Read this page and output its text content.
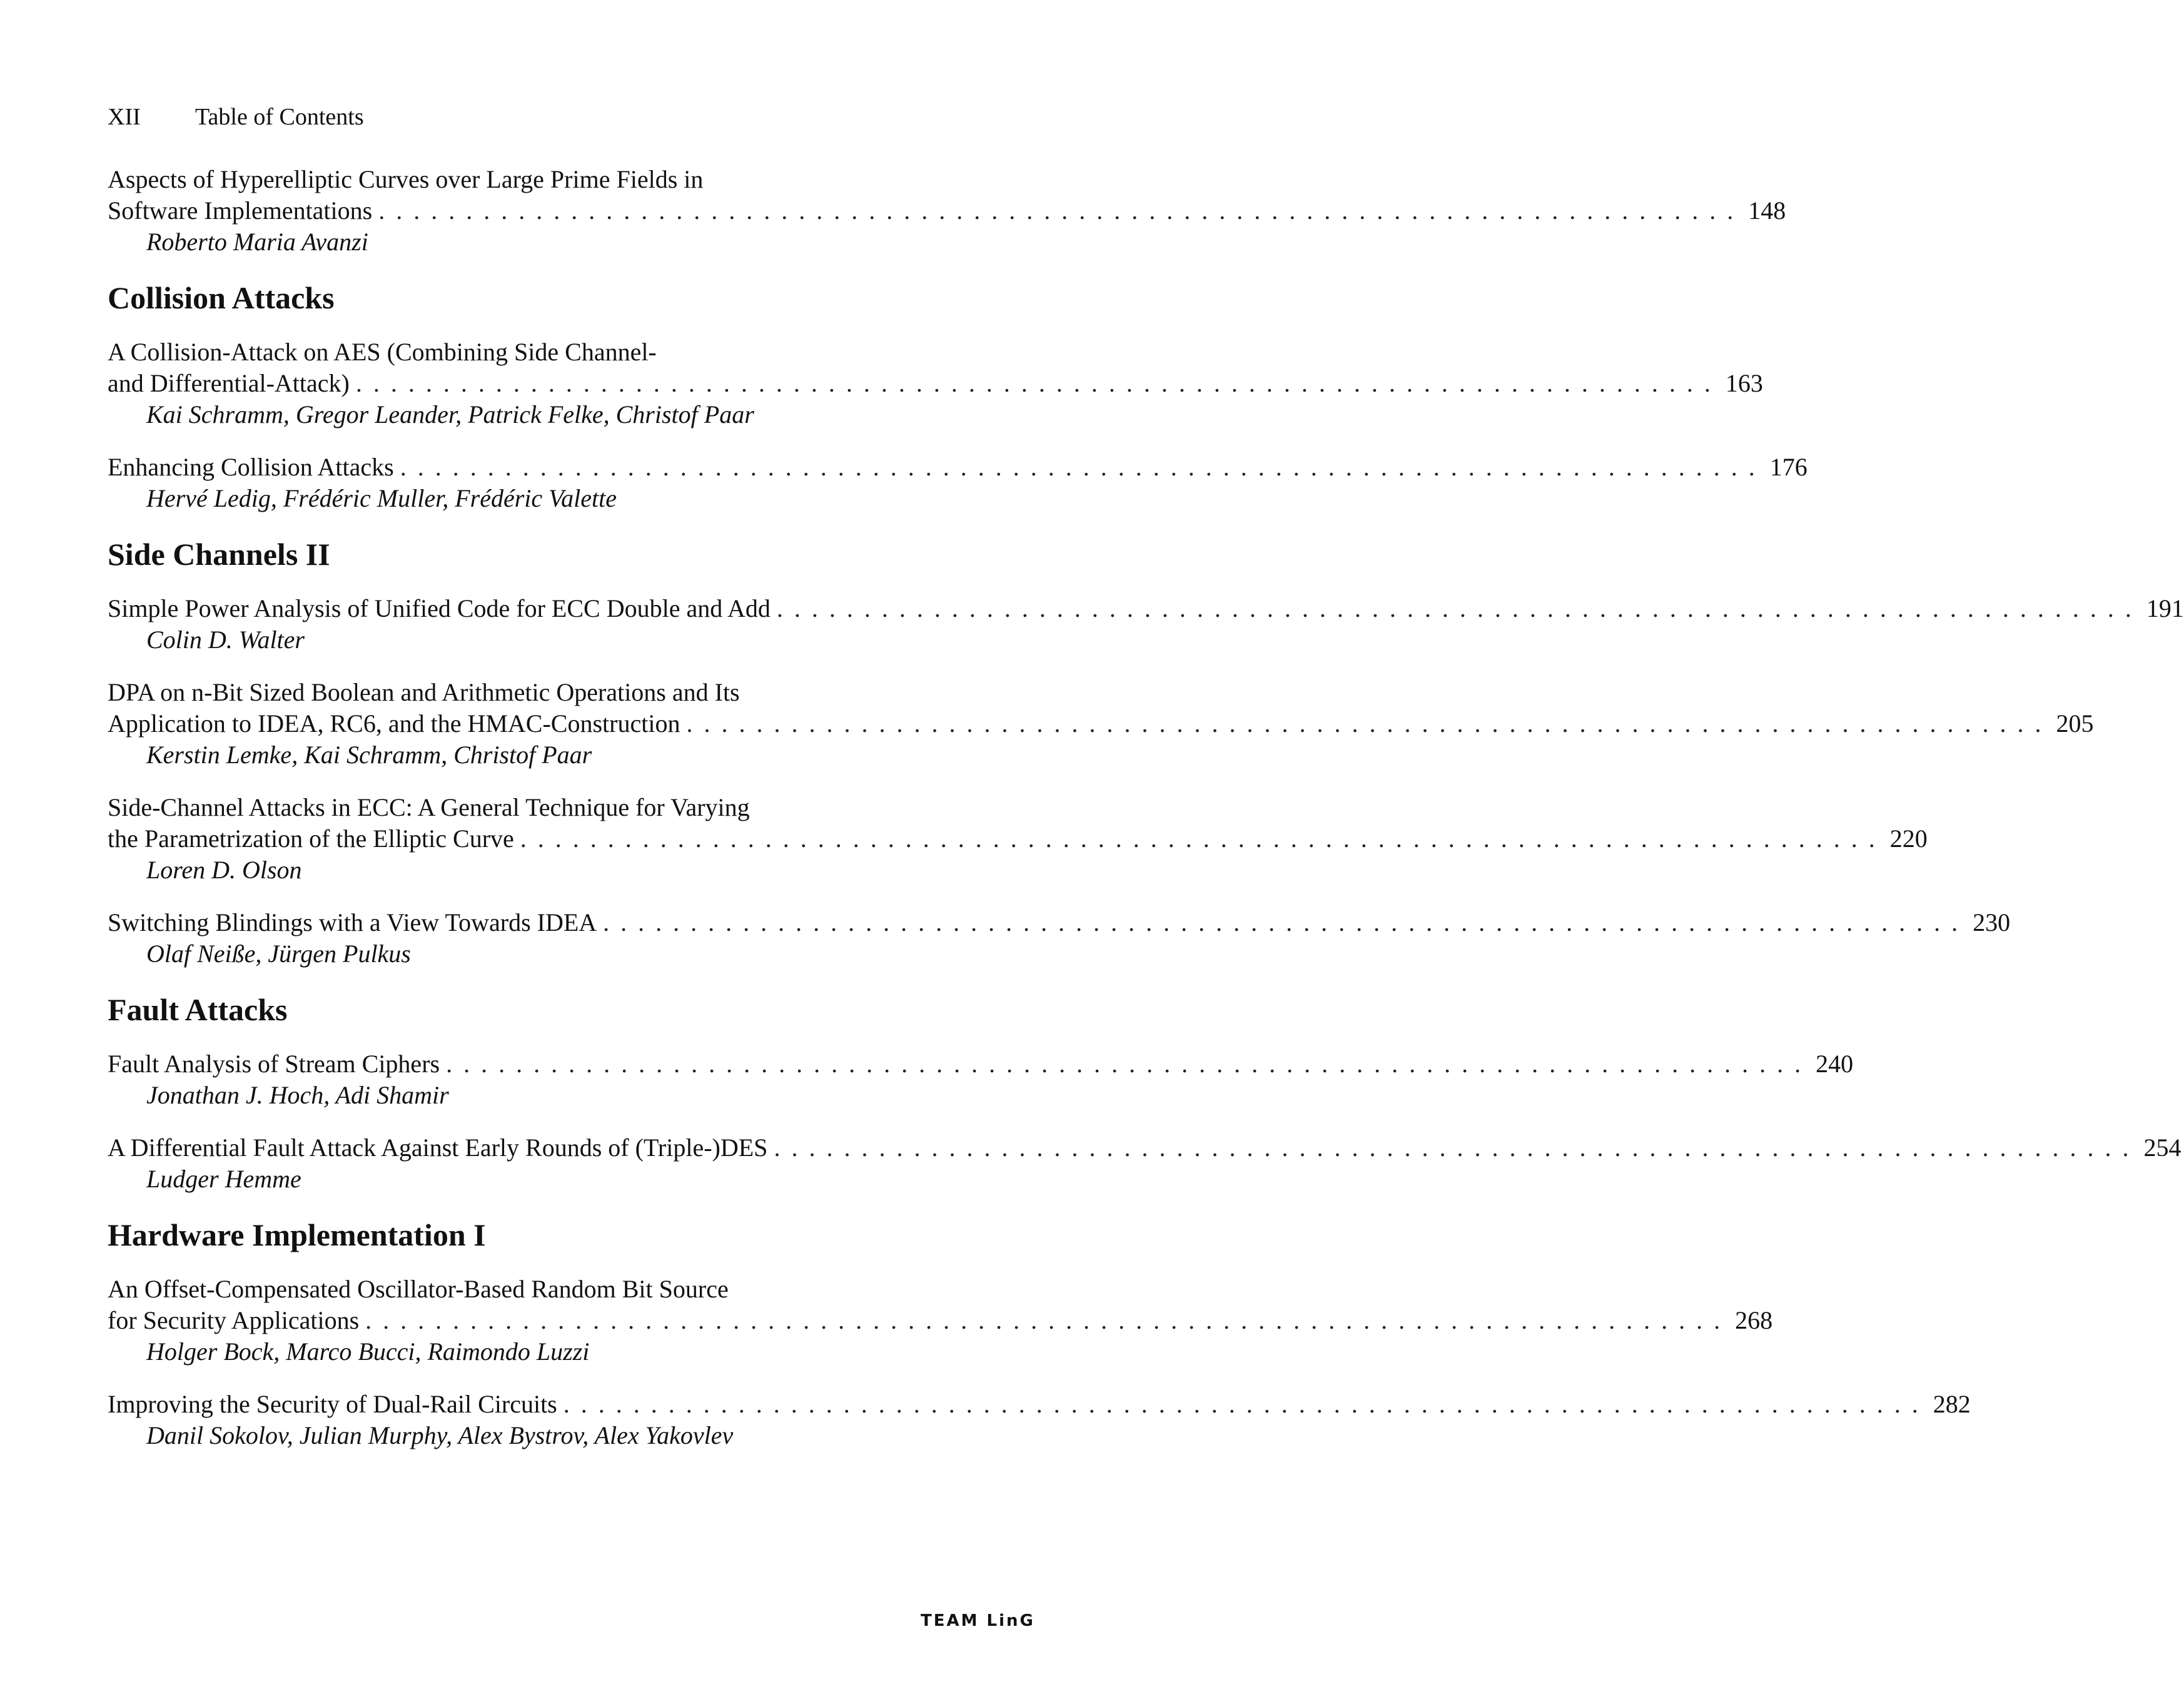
XII Table of Contents
Aspects of Hyperelliptic Curves over Large Prime Fields in
Software Implementations . . . . . . . . . . . . . . . . . . . . . . . . . . . . . . . . . . . . . . . . . . . . . . . . . . . . . . . . . . . . . . . . . . . . . . . . . . . . . . 148
Roberto Maria Avanzi
Collision Attacks
A Collision-Attack on AES (Combining Side Channel-
and Differential-Attack) . . . . . . . . . . . . . . . . . . . . . . . . . . . . . . . . . . . . . . . . . . . . . . . . . . . . . . . . . . . . . . . . . . . . . . . . . . . . . . 163
Kai Schramm, Gregor Leander, Patrick Felke, Christof Paar
Enhancing Collision Attacks . . . . . . . . . . . . . . . . . . . . . . . . . . . . . . . . . . . . . . . . . . . . . . . . . . . . . . . . . . . . . . . . . . . . . . . . . . . . . . 176
Hervé Ledig, Frédéric Muller, Frédéric Valette
Side Channels II
Simple Power Analysis of Unified Code for ECC Double and Add . . . . . . . . . . . . . . . . . . . . . . . . . . . . . . . . . . . . . . . . . . . . . . . . . . . . . . . . . . . . . . . . . . . . . . . . . . . . . . 191
Colin D. Walter
DPA on n-Bit Sized Boolean and Arithmetic Operations and Its
Application to IDEA, RC6, and the HMAC-Construction . . . . . . . . . . . . . . . . . . . . . . . . . . . . . . . . . . . . . . . . . . . . . . . . . . . . . . . . . . . . . . . . . . . . . . . . . . . . . . 205
Kerstin Lemke, Kai Schramm, Christof Paar
Side-Channel Attacks in ECC: A General Technique for Varying
the Parametrization of the Elliptic Curve . . . . . . . . . . . . . . . . . . . . . . . . . . . . . . . . . . . . . . . . . . . . . . . . . . . . . . . . . . . . . . . . . . . . . . . . . . . . . . 220
Loren D. Olson
Switching Blindings with a View Towards IDEA . . . . . . . . . . . . . . . . . . . . . . . . . . . . . . . . . . . . . . . . . . . . . . . . . . . . . . . . . . . . . . . . . . . . . . . . . . . . . . 230
Olaf Neiße, Jürgen Pulkus
Fault Attacks
Fault Analysis of Stream Ciphers . . . . . . . . . . . . . . . . . . . . . . . . . . . . . . . . . . . . . . . . . . . . . . . . . . . . . . . . . . . . . . . . . . . . . . . . . . . . . . 240
Jonathan J. Hoch, Adi Shamir
A Differential Fault Attack Against Early Rounds of (Triple-)DES . . . . . . . . . . . . . . . . . . . . . . . . . . . . . . . . . . . . . . . . . . . . . . . . . . . . . . . . . . . . . . . . . . . . . . . . . . . . . . 254
Ludger Hemme
Hardware Implementation I
An Offset-Compensated Oscillator-Based Random Bit Source
for Security Applications . . . . . . . . . . . . . . . . . . . . . . . . . . . . . . . . . . . . . . . . . . . . . . . . . . . . . . . . . . . . . . . . . . . . . . . . . . . . . . 268
Holger Bock, Marco Bucci, Raimondo Luzzi
Improving the Security of Dual-Rail Circuits . . . . . . . . . . . . . . . . . . . . . . . . . . . . . . . . . . . . . . . . . . . . . . . . . . . . . . . . . . . . . . . . . . . . . . . . . . . . . . 282
Danil Sokolov, Julian Murphy, Alex Bystrov, Alex Yakovlev
TEAM LinG
